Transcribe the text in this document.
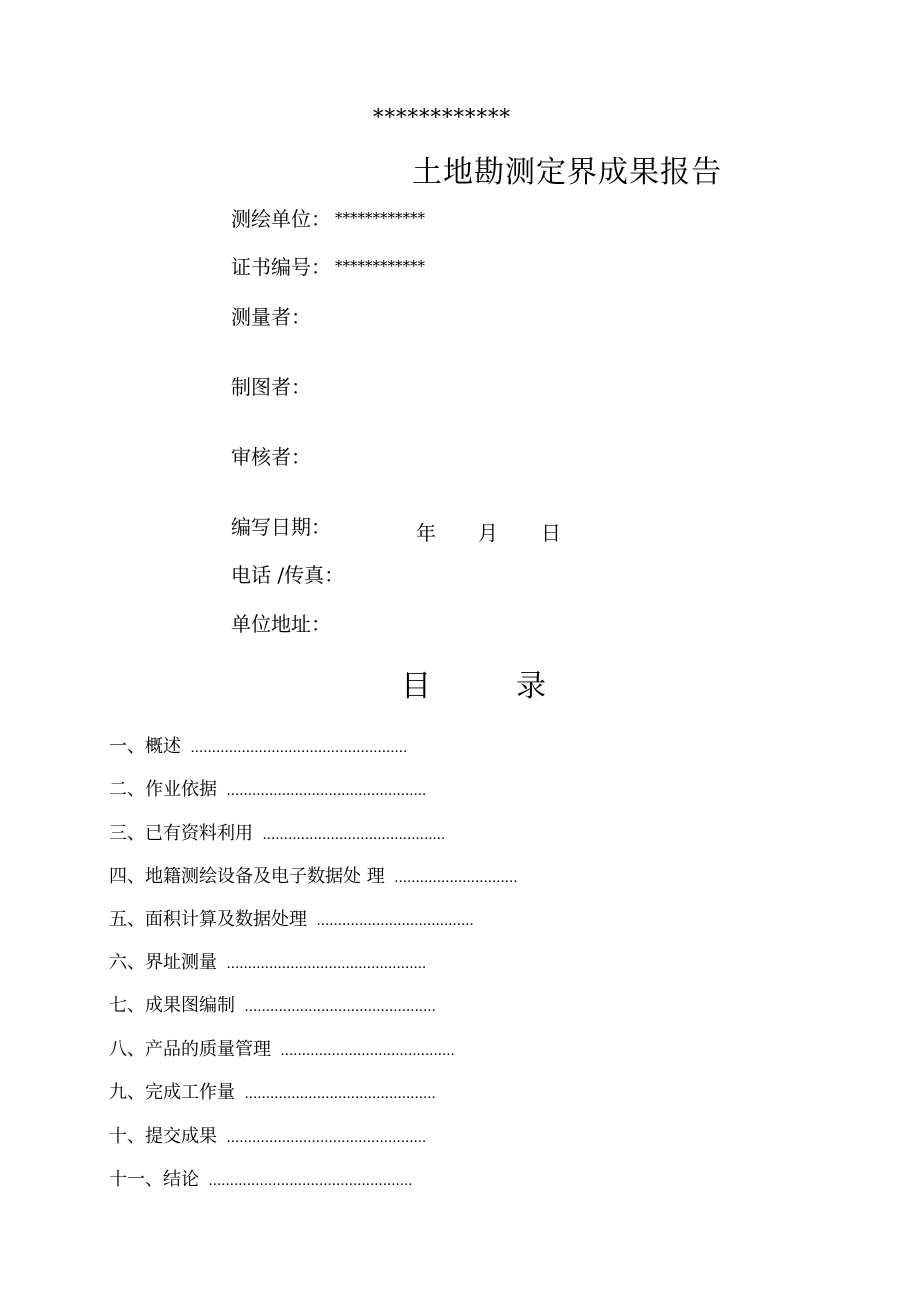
************
土地勘测定界成果报告
测绘单位： ************
证书编号： ************
测量者：
制图者：
审核者：
编写日期：	年 月 日
电话 /传真：
单位地址：
目	录
一、概述 ...................................................
二、作业依据 ...............................................
三、已有资料利用 ...........................................
四、地籍测绘设备及电子数据处 理 .............................
五、面积计算及数据处理 .....................................
六、界址测量 ...............................................
七、成果图编制 .............................................
八、产品的质量管理 .........................................
九、完成工作量 .............................................
十、提交成果 ...............................................
十一、结论 ................................................
